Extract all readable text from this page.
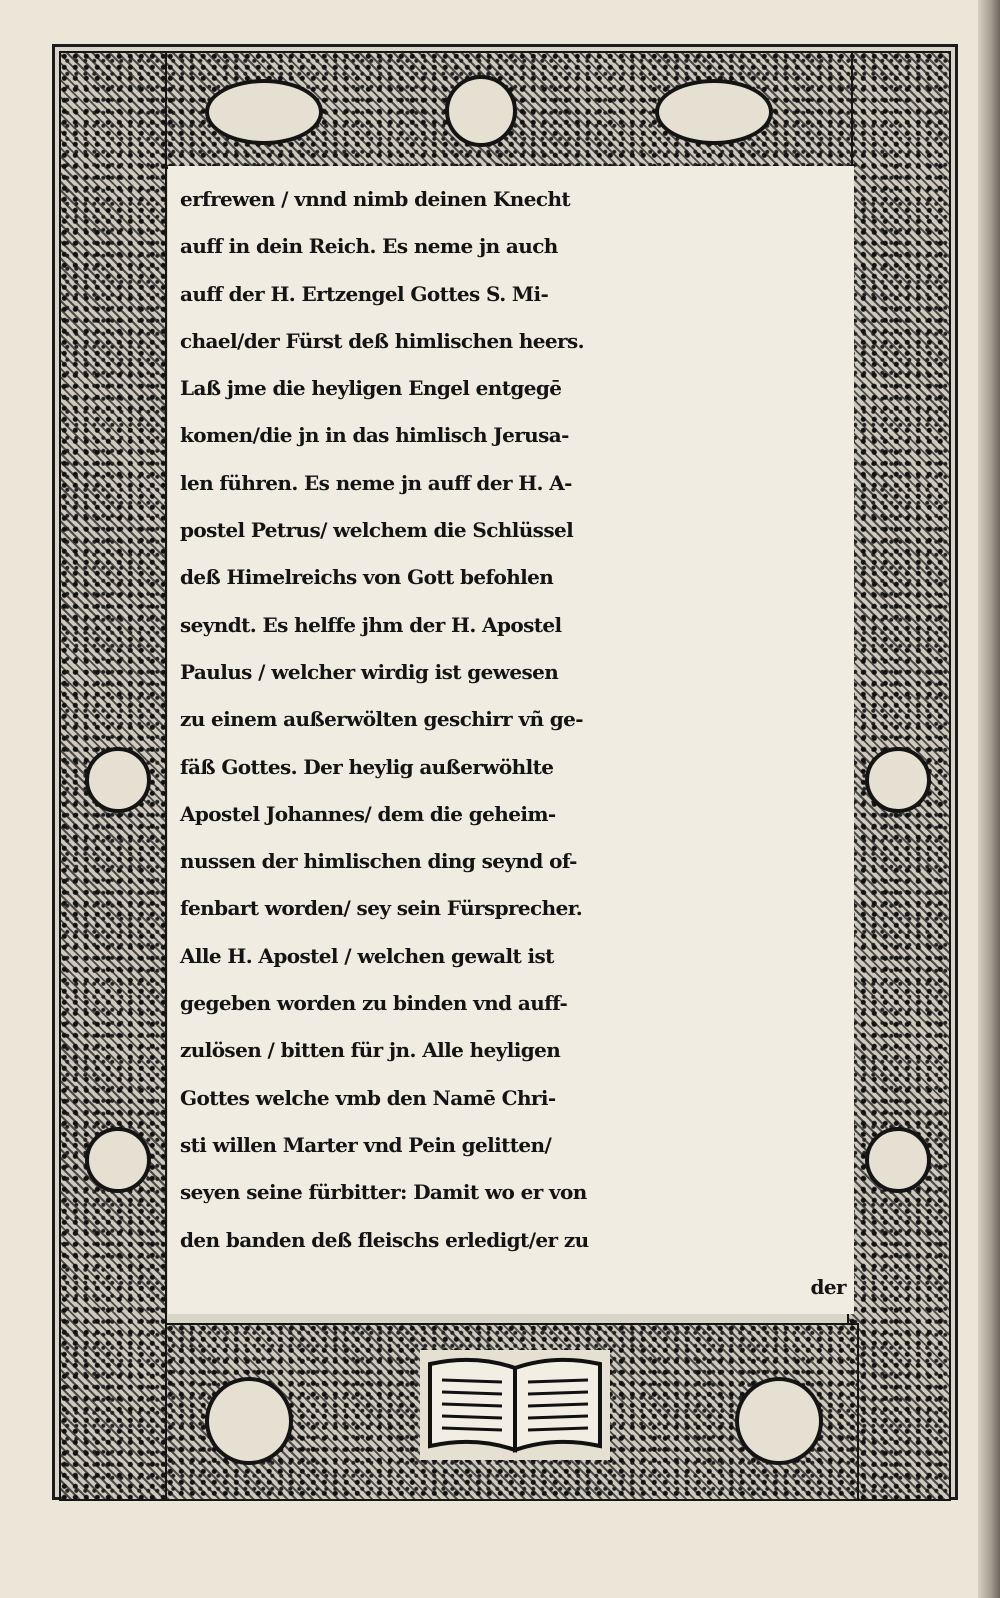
erfrewen / vnnd nimb deinen Knecht
auff in dein Reich. Es neme jn auch
auff der H. Ertzengel Gottes S. Mi-
chael/der Fürst deß himlischen heers.
Laß jme die heyligen Engel entgegē
komen/die jn in das himlisch Jerusa-
len führen. Es neme jn auff der H. A-
postel Petrus/ welchem die Schlüssel
deß Himelreichs von Gott befohlen
seyndt. Es helffe jhm der H. Apostel
Paulus / welcher wirdig ist gewesen
zu einem außerwölten geschirr vñ ge-
fäß Gottes. Der heylig außerwöhlte
Apostel Johannes/ dem die geheim-
nussen der himlischen ding seynd of-
fenbart worden/ sey sein Fürsprecher.
Alle H. Apostel / welchen gewalt ist
gegeben worden zu binden vnd auff-
zulösen / bitten für jn. Alle heyligen
Gottes welche vmb den Namē Chri-
sti willen Marter vnd Pein gelitten/
seyen seine fürbitter: Damit wo er von
den banden deß fleischs erledigt/er zu
der
